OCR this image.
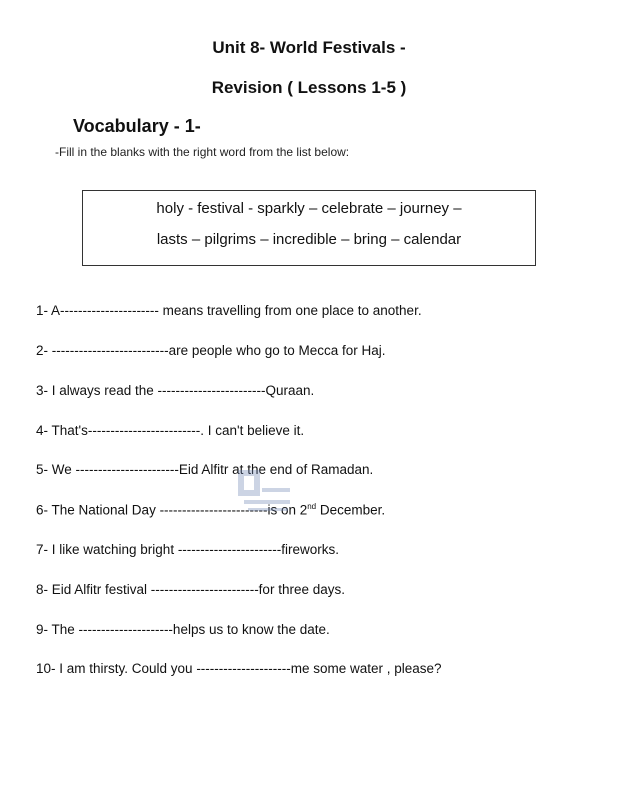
Unit 8- World Festivals -
Revision ( Lessons 1-5 )
Vocabulary - 1-
-Fill in the blanks with the right word from the list below:
holy - festival - sparkly – celebrate – journey –
lasts – pilgrims – incredible – bring – calendar
1- A---------------------- means travelling from one place to another.
2- --------------------------are people who go to Mecca for Haj.
3- I always read the ------------------------Quraan.
4- That's-------------------------. I can't believe it.
5- We -----------------------Eid Alfitr at the end of Ramadan.
6- The National Day ------------------------is on 2nd December.
7- I like watching bright -----------------------fireworks.
8- Eid Alfitr festival ------------------------for three days.
9- The ---------------------helps us to know the date.
10- I am thirsty. Could you ---------------------me some water , please?
